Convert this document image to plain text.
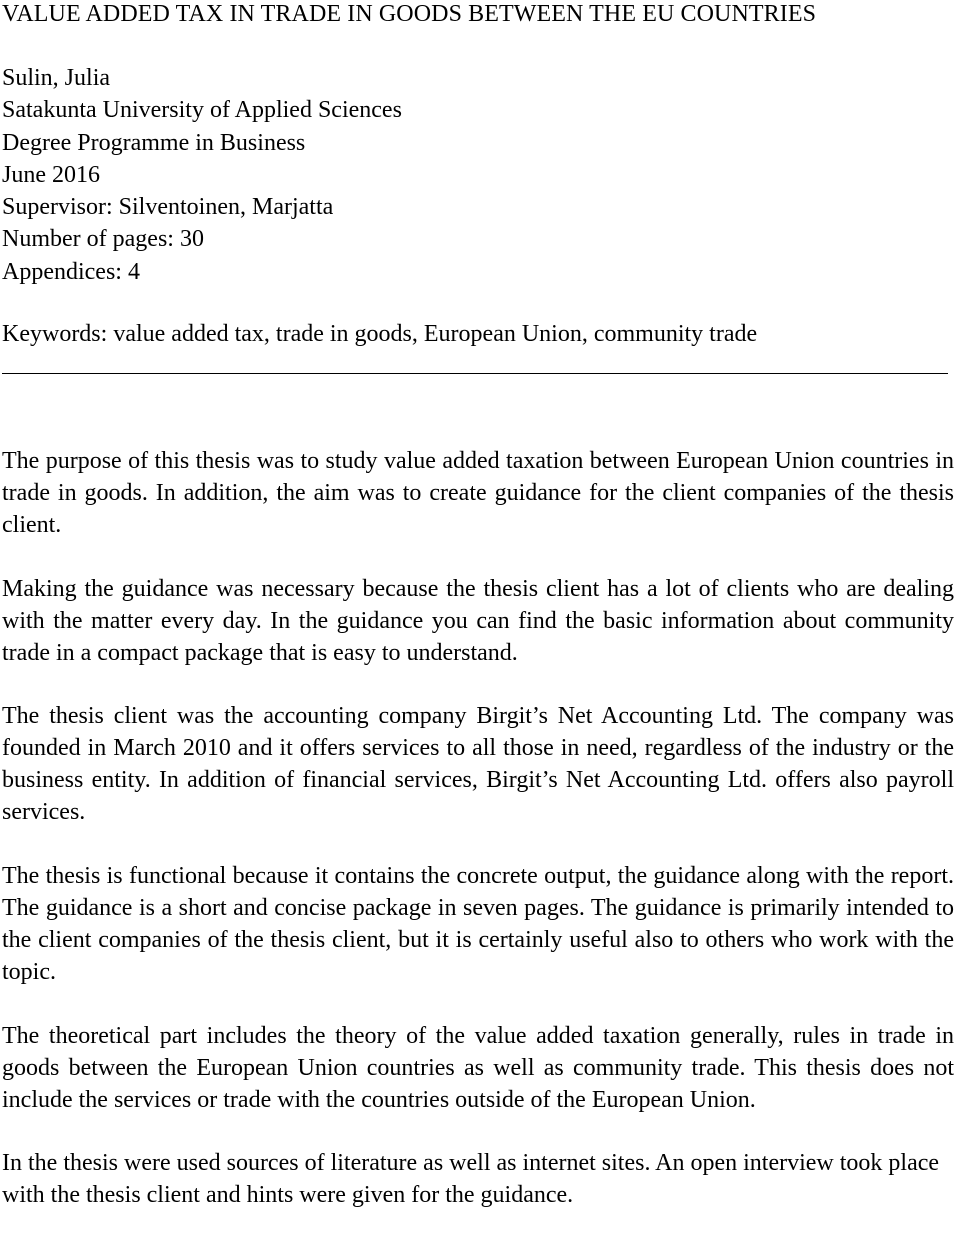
VALUE ADDED TAX IN TRADE IN GOODS BETWEEN THE EU COUNTRIES
Sulin, Julia
Satakunta University of Applied Sciences
Degree Programme in Business
June 2016
Supervisor: Silventoinen, Marjatta
Number of pages: 30
Appendices: 4
Keywords: value added tax, trade in goods, European Union, community trade

The purpose of this thesis was to study value added taxation between European Union countries in trade in goods. In addition, the aim was to create guidance for the client companies of the thesis client.

Making the guidance was necessary because the thesis client has a lot of clients who are dealing with the matter every day. In the guidance you can find the basic information about community trade in a compact package that is easy to understand.

The thesis client was the accounting company Birgit’s Net Accounting Ltd. The company was founded in March 2010 and it offers services to all those in need, regardless of the industry or the business entity. In addition of financial services, Birgit’s Net Accounting Ltd. offers also payroll services.

The thesis is functional because it contains the concrete output, the guidance along with the report. The guidance is a short and concise package in seven pages. The guidance is primarily intended to the client companies of the thesis client, but it is certainly useful also to others who work with the topic.

The theoretical part includes the theory of the value added taxation generally, rules in trade in goods between the European Union countries as well as community trade. This thesis does not include the services or trade with the countries outside of the European Union.

In the thesis were used sources of literature as well as internet sites. An open interview took place with the thesis client and hints were given for the guidance.
